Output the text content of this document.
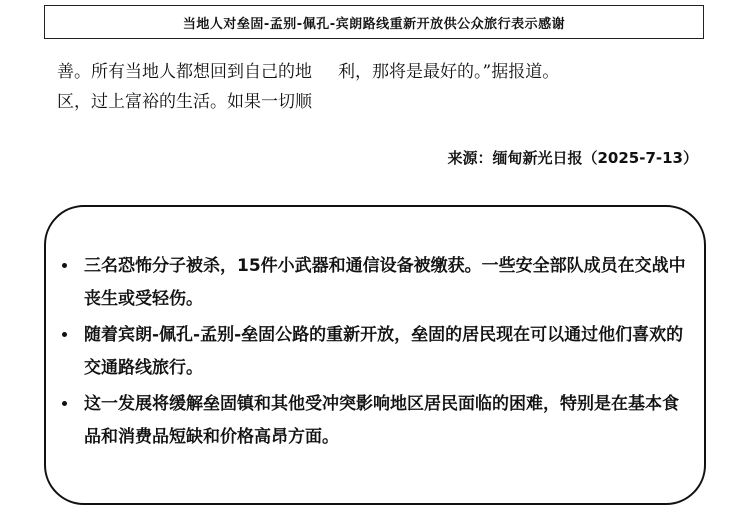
当地人对垒固-孟别-佩孔-宾朗路线重新开放供公众旅行表示感谢
善。所有当地人都想回到自己的地 利，那将是最好的。”据报道。
区，过上富裕的生活。如果一切顺
来源：缅甸新光日报（2025-7-13）
三名恐怖分子被杀，15件小武器和通信设备被缴获。一些安全部队成员在交战中丧生或受轻伤。
随着宾朗-佩孔-孟别-垒固公路的重新开放，垒固的居民现在可以通过他们喜欢的交通路线旅行。
这一发展将缓解垒固镇和其他受冲突影响地区居民面临的困难，特别是在基本食品和消费品短缺和价格高昂方面。
